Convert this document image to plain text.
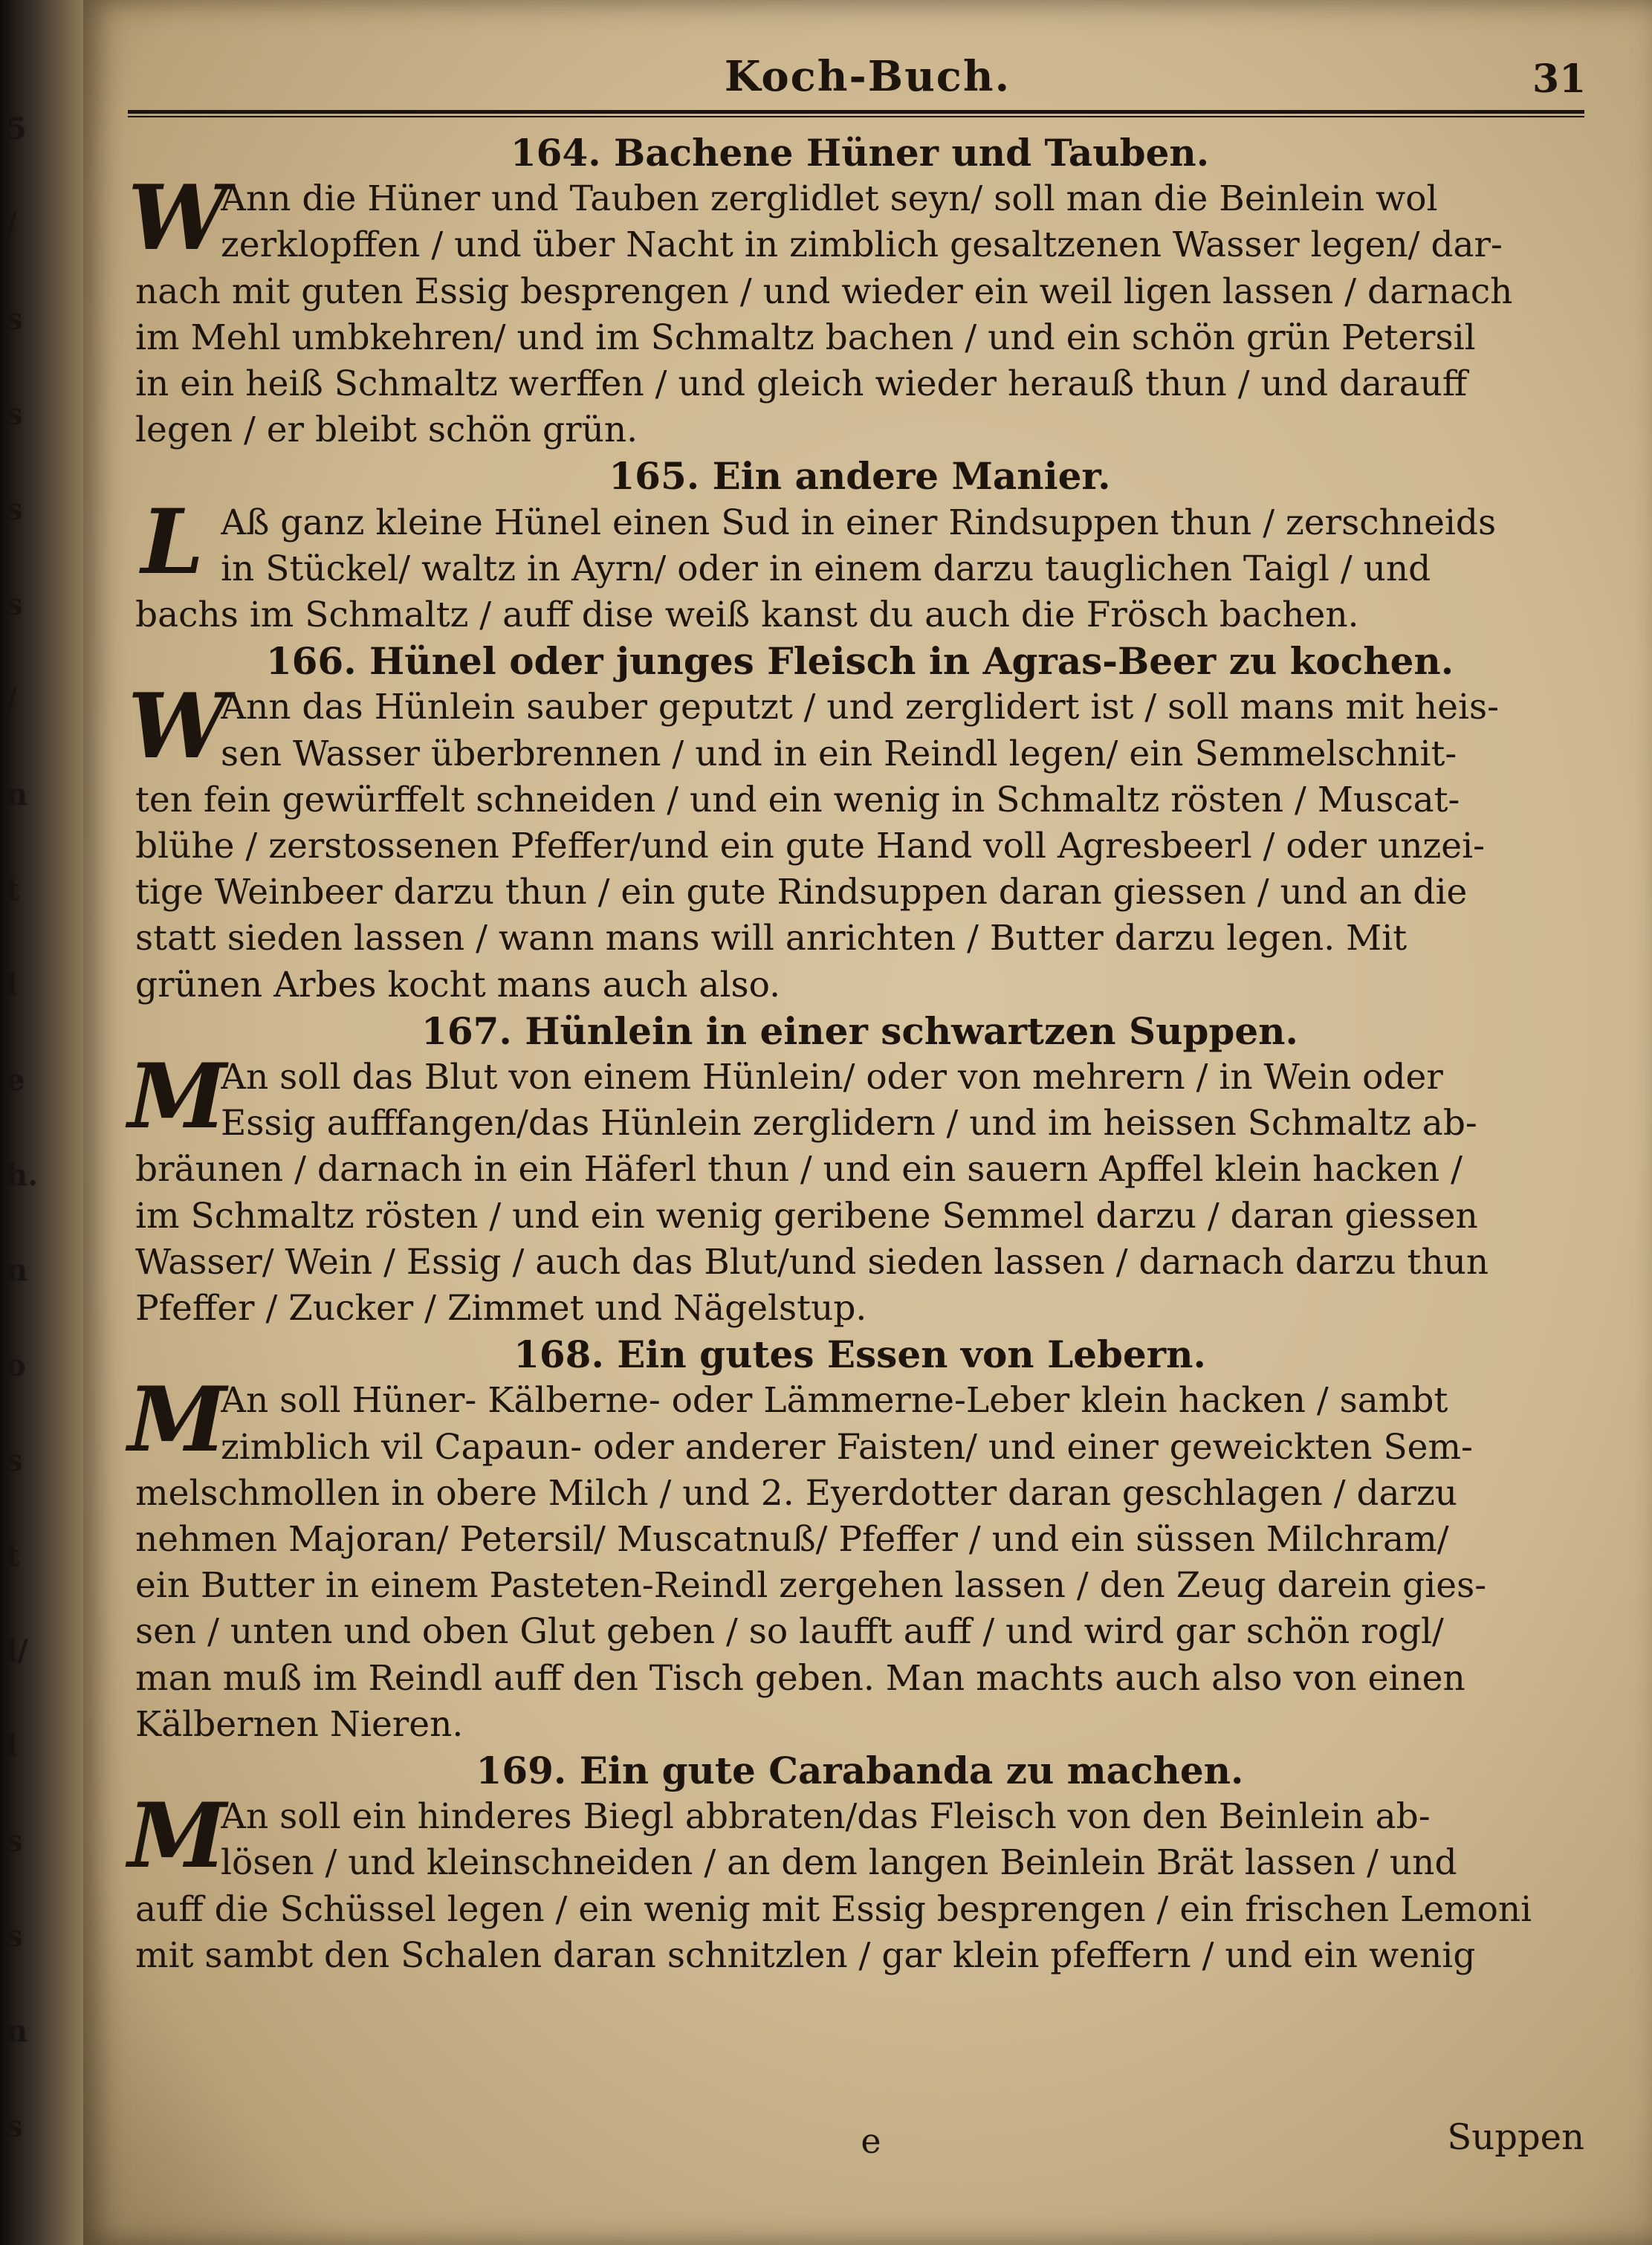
5
/
s
s
s
s
/
n
t
l
e
h.
n
o
s
t
l/
l
s
s
n
s
Koch-Buch.	31
164. Bachene Hüner und Tauben.
W
Ann die Hüner und Tauben zerglidlet seyn/ soll man die Beinlein wol
zerklopffen / und über Nacht in zimblich gesaltzenen Wasser legen/ dar-
nach mit guten Essig besprengen / und wieder ein weil ligen lassen / darnach
im Mehl umbkehren/ und im Schmaltz bachen / und ein schön grün Petersil
in ein heiß Schmaltz werffen / und gleich wieder herauß thun / und darauff
legen / er bleibt schön grün.
165. Ein andere Manier.
L Aß ganz kleine Hünel einen Sud in einer Rindsuppen thun / zerschneids
in Stückel/ waltz in Ayrn/ oder in einem darzu tauglichen Taigl / und
bachs im Schmaltz / auff dise weiß kanst du auch die Frösch bachen.
166. Hünel oder junges Fleisch in Agras-Beer zu kochen.
W
Ann das Hünlein sauber geputzt / und zerglidert ist / soll mans mit heis-
sen Wasser überbrennen / und in ein Reindl legen/ ein Semmelschnit-
ten fein gewürffelt schneiden / und ein wenig in Schmaltz rösten / Muscat-
blühe / zerstossenen Pfeffer/und ein gute Hand voll Agresbeerl / oder unzei-
tige Weinbeer darzu thun / ein gute Rindsuppen daran giessen / und an die
statt sieden lassen / wann mans will anrichten / Butter darzu legen. Mit
grünen Arbes kocht mans auch also.
167. Hünlein in einer schwartzen Suppen.
M
An soll das Blut von einem Hünlein/ oder von mehrern / in Wein oder
Essig aufffangen/das Hünlein zerglidern / und im heissen Schmaltz ab-
bräunen / darnach in ein Häferl thun / und ein sauern Apffel klein hacken /
im Schmaltz rösten / und ein wenig geribene Semmel darzu / daran giessen
Wasser/ Wein / Essig / auch das Blut/und sieden lassen / darnach darzu thun
Pfeffer / Zucker / Zimmet und Nägelstup.
168. Ein gutes Essen von Lebern.
M
An soll Hüner- Kälberne- oder Lämmerne-Leber klein hacken / sambt
zimblich vil Capaun- oder anderer Faisten/ und einer geweickten Sem-
melschmollen in obere Milch / und 2. Eyerdotter daran geschlagen / darzu
nehmen Majoran/ Petersil/ Muscatnuß/ Pfeffer / und ein süssen Milchram/
ein Butter in einem Pasteten-Reindl zergehen lassen / den Zeug darein gies-
sen / unten und oben Glut geben / so laufft auff / und wird gar schön rogl/
man muß im Reindl auff den Tisch geben. Man machts auch also von einen
Kälbernen Nieren.
169. Ein gute Carabanda zu machen.
M
An soll ein hinderes Biegl abbraten/das Fleisch von den Beinlein ab-
lösen / und kleinschneiden / an dem langen Beinlein Brät lassen / und
auff die Schüssel legen / ein wenig mit Essig besprengen / ein frischen Lemoni
mit sambt den Schalen daran schnitzlen / gar klein pfeffern / und ein wenig
e	Suppen
